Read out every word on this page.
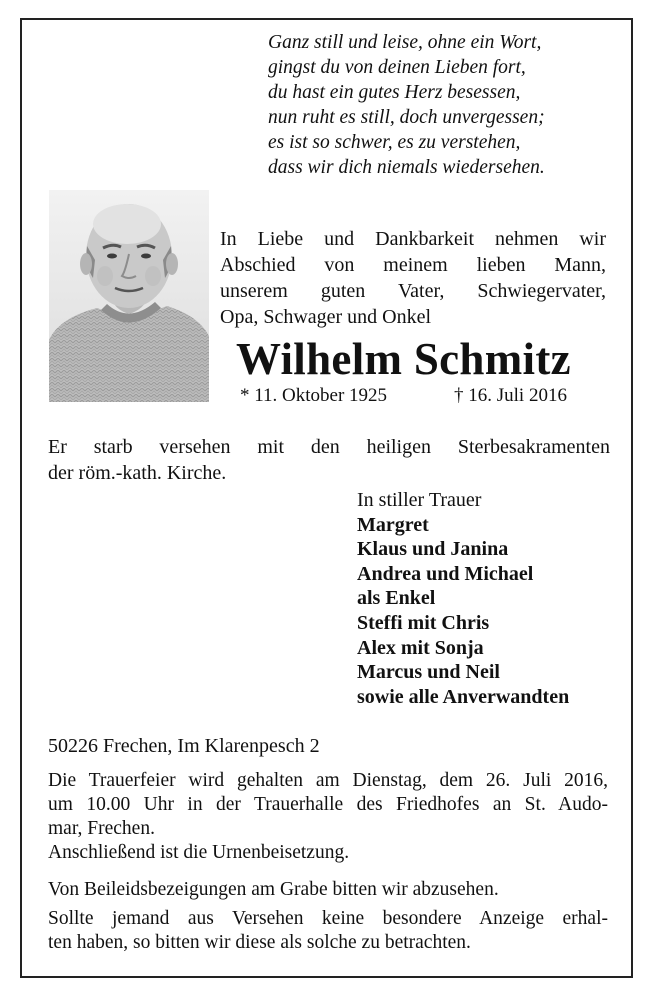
Ganz still und leise, ohne ein Wort,
gingst du von deinen Lieben fort,
du hast ein gutes Herz besessen,
nun ruht es still, doch unvergessen;
es ist so schwer, es zu verstehen,
dass wir dich niemals wiedersehen.
In Liebe und Dankbarkeit nehmen wir
Abschied von meinem lieben Mann,
unserem guten Vater, Schwiegervater,
Opa, Schwager und Onkel
Wilhelm Schmitz
* 11. Oktober 1925	† 16. Juli 2016
Er starb versehen mit den heiligen Sterbesakramenten
der röm.-kath. Kirche.
In stiller Trauer
Margret
Klaus und Janina
Andrea und Michael
als Enkel
Steffi mit Chris
Alex mit Sonja
Marcus und Neil
sowie alle Anverwandten
50226 Frechen, Im Klarenpesch 2
Die Trauerfeier wird gehalten am Dienstag, dem 26. Juli 2016,
um 10.00 Uhr in der Trauerhalle des Friedhofes an St. Audo-
mar, Frechen.
Anschließend ist die Urnenbeisetzung.
Von Beileidsbezeigungen am Grabe bitten wir abzusehen.
Sollte jemand aus Versehen keine besondere Anzeige erhal-
ten haben, so bitten wir diese als solche zu betrachten.
